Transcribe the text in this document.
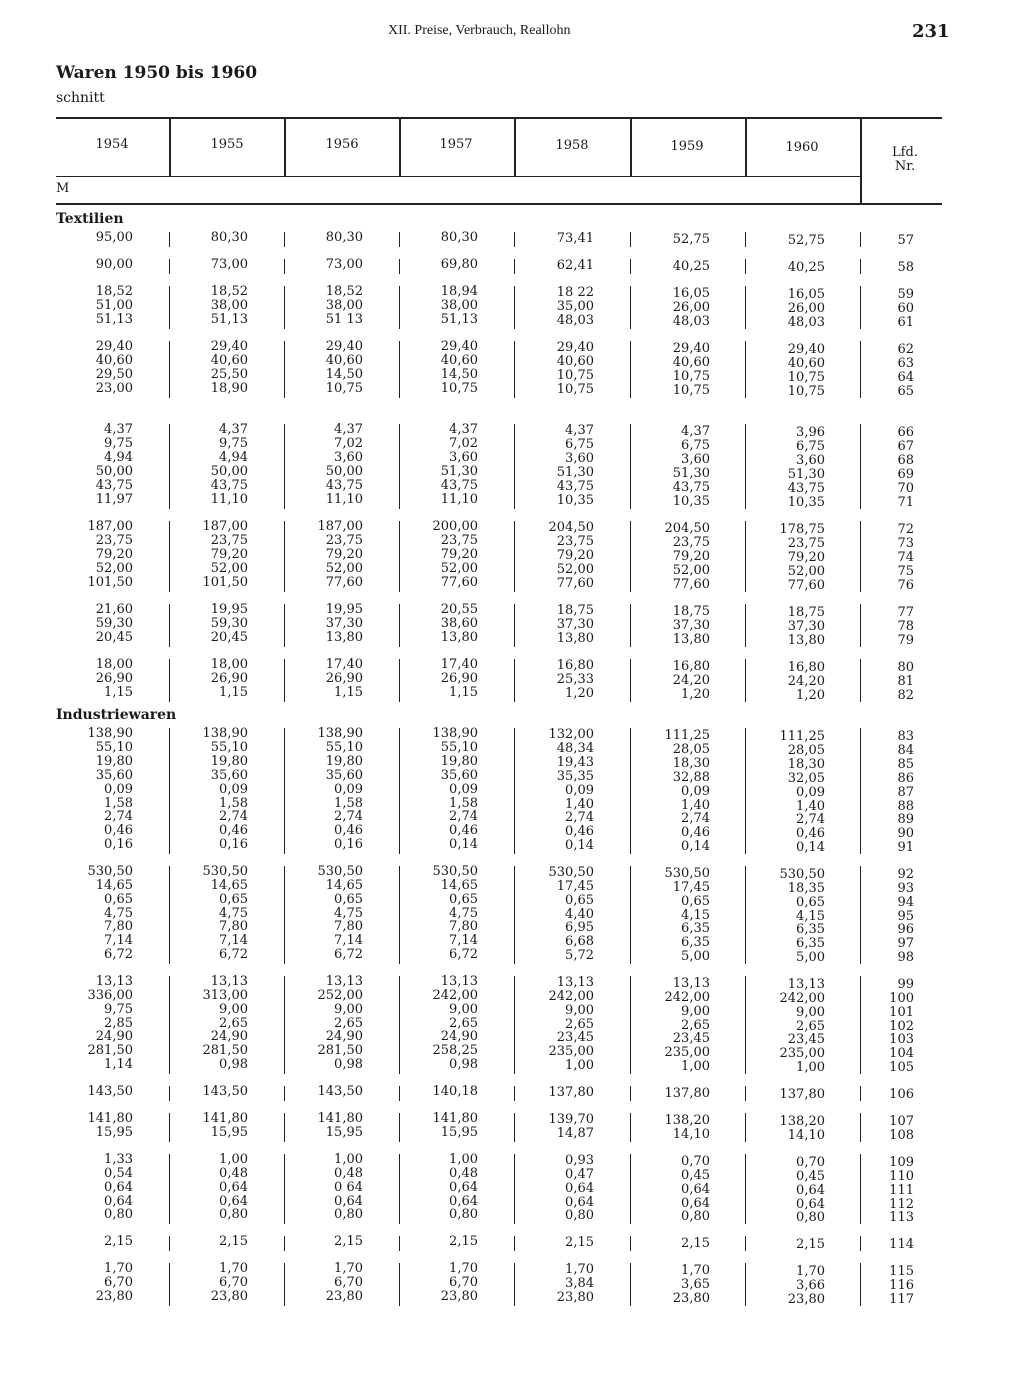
XII. Preise, Verbrauch, Reallohn	231
Waren 1950 bis 1960
schnitt
1954	1955	1956	1957	1958	1959	1960	Lfd.
Nr.
M
Textilien
Industriewaren
95,00	80,30	80,30	80,30	73,41	52,75	52,75	57
90,00	73,00	73,00	69,80	62,41	40,25	40,25	58
18,52	18,52	18,52	18,94	18 22	16,05	16,05	59
51,00	38,00	38,00	38,00	35,00	26,00	26,00	60
51,13	51,13	51 13	51,13	48,03	48,03	48,03	61
29,40	29,40	29,40	29,40	29,40	29,40	29,40	62
40,60	40,60	40,60	40,60	40,60	40,60	40,60	63
29,50	25,50	14,50	14,50	10,75	10,75	10,75	64
23,00	18,90	10,75	10,75	10,75	10,75	10,75	65
4,37	4,37	4,37	4,37	4,37	4,37	3,96	66
9,75	9,75	7,02	7,02	6,75	6,75	6,75	67
4,94	4,94	3,60	3,60	3,60	3,60	3,60	68
50,00	50,00	50,00	51,30	51,30	51,30	51,30	69
43,75	43,75	43,75	43,75	43,75	43,75	43,75	70
11,97	11,10	11,10	11,10	10,35	10,35	10,35	71
187,00	187,00	187,00	200,00	204,50	204,50	178,75	72
23,75	23,75	23,75	23,75	23,75	23,75	23,75	73
79,20	79,20	79,20	79,20	79,20	79,20	79,20	74
52,00	52,00	52,00	52,00	52,00	52,00	52,00	75
101,50	101,50	77,60	77,60	77,60	77,60	77,60	76
21,60	19,95	19,95	20,55	18,75	18,75	18,75	77
59,30	59,30	37,30	38,60	37,30	37,30	37,30	78
20,45	20,45	13,80	13,80	13,80	13,80	13,80	79
18,00	18,00	17,40	17,40	16,80	16,80	16,80	80
26,90	26,90	26,90	26,90	25,33	24,20	24,20	81
1,15	1,15	1,15	1,15	1,20	1,20	1,20	82
138,90	138,90	138,90	138,90	132,00	111,25	111,25	83
55,10	55,10	55,10	55,10	48,34	28,05	28,05	84
19,80	19,80	19,80	19,80	19,43	18,30	18,30	85
35,60	35,60	35,60	35,60	35,35	32,88	32,05	86
0,09	0,09	0,09	0,09	0,09	0,09	0,09	87
1,58	1,58	1,58	1,58	1,40	1,40	1,40	88
2,74	2,74	2,74	2,74	2,74	2,74	2,74	89
0,46	0,46	0,46	0,46	0,46	0,46	0,46	90
0,16	0,16	0,16	0,14	0,14	0,14	0,14	91
530,50	530,50	530,50	530,50	530,50	530,50	530,50	92
14,65	14,65	14,65	14,65	17,45	17,45	18,35	93
0,65	0,65	0,65	0,65	0,65	0,65	0,65	94
4,75	4,75	4,75	4,75	4,40	4,15	4,15	95
7,80	7,80	7,80	7,80	6,95	6,35	6,35	96
7,14	7,14	7,14	7,14	6,68	6,35	6,35	97
6,72	6,72	6,72	6,72	5,72	5,00	5,00	98
13,13	13,13	13,13	13,13	13,13	13,13	13,13	99
336,00	313,00	252,00	242,00	242,00	242,00	242,00	100
9,75	9,00	9,00	9,00	9,00	9,00	9,00	101
2,85	2,65	2,65	2,65	2,65	2,65	2,65	102
24,90	24,90	24,90	24,90	23,45	23,45	23,45	103
281,50	281,50	281,50	258,25	235,00	235,00	235,00	104
1,14	0,98	0,98	0,98	1,00	1,00	1,00	105
143,50	143,50	143,50	140,18	137,80	137,80	137,80	106
141,80	141,80	141,80	141,80	139,70	138,20	138,20	107
15,95	15,95	15,95	15,95	14,87	14,10	14,10	108
1,33	1,00	1,00	1,00	0,93	0,70	0,70	109
0,54	0,48	0,48	0,48	0,47	0,45	0,45	110
0,64	0,64	0 64	0,64	0,64	0,64	0,64	111
0,64	0,64	0,64	0,64	0,64	0,64	0,64	112
0,80	0,80	0,80	0,80	0,80	0,80	0,80	113
2,15	2,15	2,15	2,15	2,15	2,15	2,15	114
1,70	1,70	1,70	1,70	1,70	1,70	1,70	115
6,70	6,70	6,70	6,70	3,84	3,65	3,66	116
23,80	23,80	23,80	23,80	23,80	23,80	23,80	117
